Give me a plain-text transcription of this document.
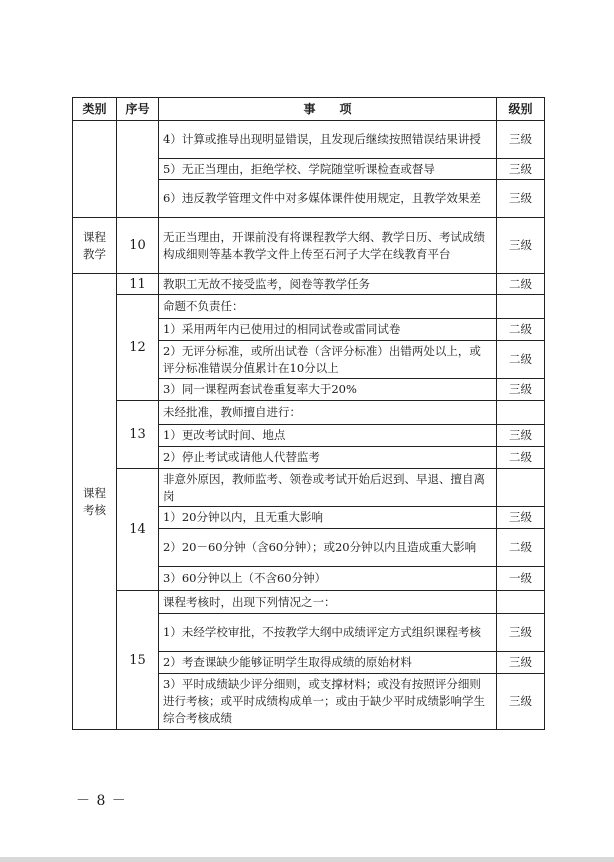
类别	序号	事　　项	级别
		4）计算或推导出现明显错误，且发现后继续按照错误结果讲授	三级
		5）无正当理由，拒绝学校、学院随堂听课检查或督导	三级
		6）违反教学管理文件中对多媒体课件使用规定，且教学效果差	三级
课程教学	10	无正当理由，开课前没有将课程教学大纲、教学日历、考试成绩构成细则等基本教学文件上传至石河子大学在线教育平台	三级
课程考核	11	教职工无故不接受监考，阅卷等教学任务	二级
	12	命题不负责任：	
		1）采用两年内已使用过的相同试卷或雷同试卷	二级
		2）无评分标准，或所出试卷（含评分标准）出错两处以上，或评分标准错误分值累计在10分以上	二级
		3）同一课程两套试卷重复率大于20%	三级
	13	未经批准，教师擅自进行：	
		1）更改考试时间、地点	三级
		2）停止考试或请他人代替监考	二级
	14	非意外原因，教师监考、领卷或考试开始后迟到、早退、擅自离岗	
		1）20分钟以内，且无重大影响	三级
		2）20－60分钟（含60分钟）；或20分钟以内且造成重大影响	二级
		3）60分钟以上（不含60分钟）	一级
	15	课程考核时，出现下列情况之一：	
		1）未经学校审批，不按教学大纲中成绩评定方式组织课程考核	三级
		2）考查课缺少能够证明学生取得成绩的原始材料	三级
		3）平时成绩缺少评分细则，或支撑材料；或没有按照评分细则进行考核；或平时成绩构成单一；或由于缺少平时成绩影响学生综合考核成绩	三级
－ 8 －
